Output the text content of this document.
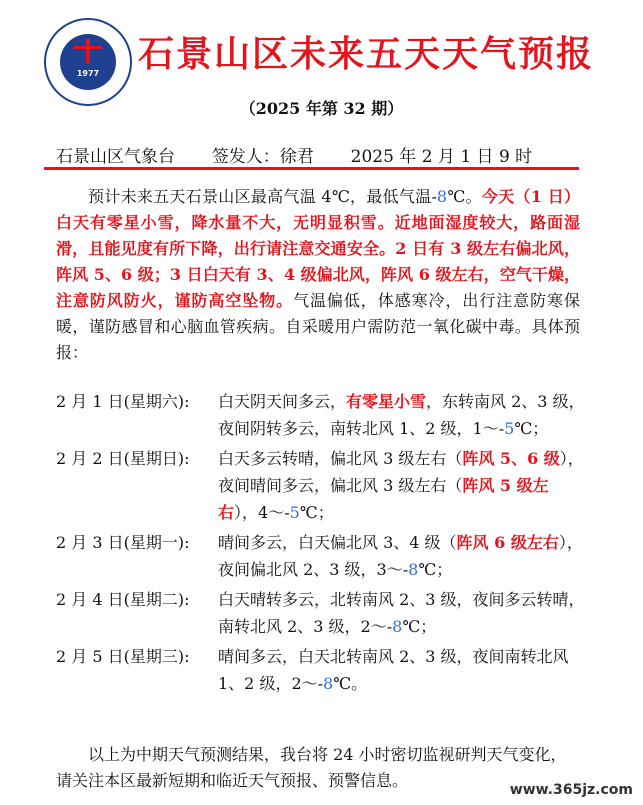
1977	石景山区未来五天天气预报
（2025 年第 32 期）
石景山区气象台 签发人：徐君 2025 年 2 月 1 日 9 时
预计未来五天石景山区最高气温 4℃，最低气温-8℃。今天（1 日）白天有零星小雪，降水量不大，无明显积雪。近地面湿度较大，路面湿滑，且能见度有所下降，出行请注意交通安全。2 日有 3 级左右偏北风，阵风 5、6 级；3 日白天有 3、4 级偏北风，阵风 6 级左右，空气干燥，注意防风防火，谨防高空坠物。气温偏低，体感寒冷，出行注意防寒保暖，谨防感冒和心脑血管疾病。自采暖用户需防范一氧化碳中毒。具体预报：
2 月 1 日(星期六):	白天阴天间多云，有零星小雪，东转南风 2、3 级，夜间阴转多云，南转北风 1、2 级，1～-5℃；
2 月 2 日(星期日):	白天多云转晴，偏北风 3 级左右（阵风 5、6 级），夜间晴间多云，偏北风 3 级左右（阵风 5 级左右），4～-5℃；
2 月 3 日(星期一):	晴间多云，白天偏北风 3、4 级（阵风 6 级左右），夜间偏北风 2、3 级，3～-8℃；
2 月 4 日(星期二):	白天晴转多云，北转南风 2、3 级，夜间多云转晴，南转北风 2、3 级，2～-8℃；
2 月 5 日(星期三):	晴间多云，白天北转南风 2、3 级，夜间南转北风 1、2 级，2～-8℃。
以上为中期天气预测结果，我台将 24 小时密切监视研判天气变化，请关注本区最新短期和临近天气预报、预警信息。	www.365jz.com
